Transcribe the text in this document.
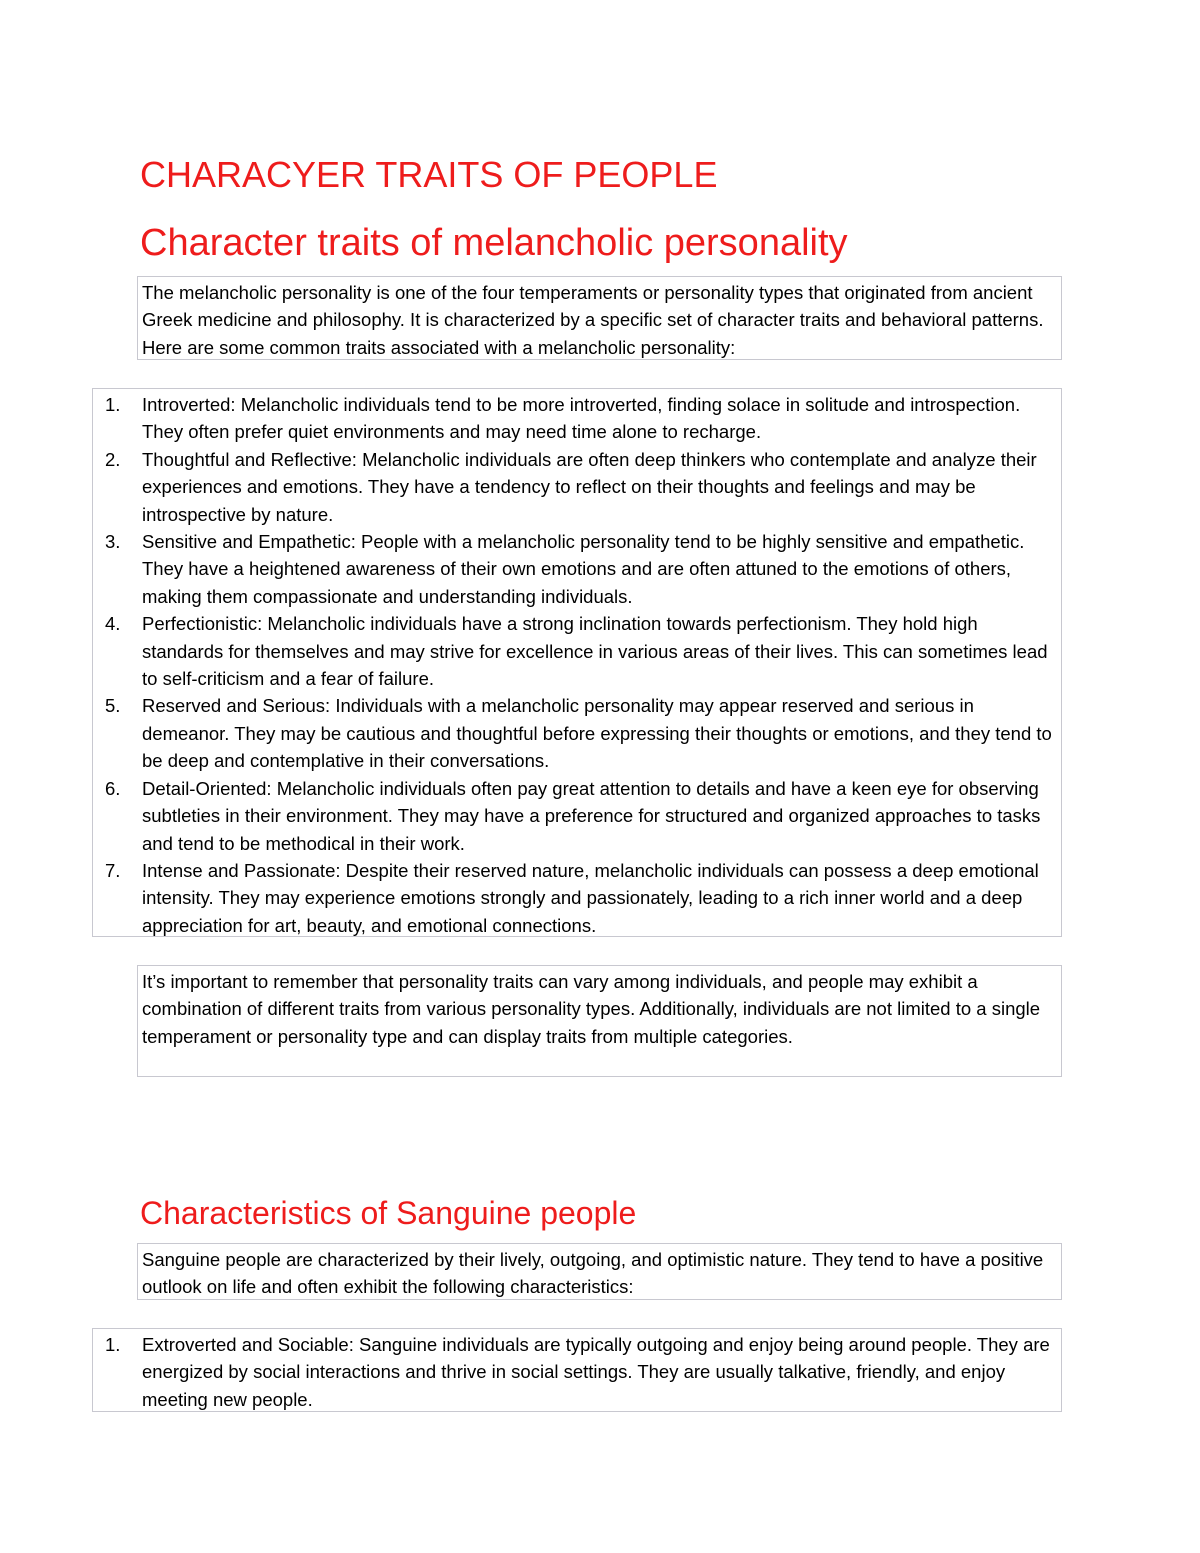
CHARACYER TRAITS OF PEOPLE
Character traits of melancholic personality

The melancholic personality is one of the four temperaments or personality types that originated from ancient Greek medicine and philosophy. It is characterized by a specific set of character traits and behavioral patterns. Here are some common traits associated with a melancholic personality:

1. Introverted: Melancholic individuals tend to be more introverted, finding solace in solitude and introspection. They often prefer quiet environments and may need time alone to recharge.
2. Thoughtful and Reflective: Melancholic individuals are often deep thinkers who contemplate and analyze their experiences and emotions. They have a tendency to reflect on their thoughts and feelings and may be introspective by nature.
3. Sensitive and Empathetic: People with a melancholic personality tend to be highly sensitive and empathetic. They have a heightened awareness of their own emotions and are often attuned to the emotions of others, making them compassionate and understanding individuals.
4. Perfectionistic: Melancholic individuals have a strong inclination towards perfectionism. They hold high standards for themselves and may strive for excellence in various areas of their lives. This can sometimes lead to self-criticism and a fear of failure.
5. Reserved and Serious: Individuals with a melancholic personality may appear reserved and serious in demeanor. They may be cautious and thoughtful before expressing their thoughts or emotions, and they tend to be deep and contemplative in their conversations.
6. Detail-Oriented: Melancholic individuals often pay great attention to details and have a keen eye for observing subtleties in their environment. They may have a preference for structured and organized approaches to tasks and tend to be methodical in their work.
7. Intense and Passionate: Despite their reserved nature, melancholic individuals can possess a deep emotional intensity. They may experience emotions strongly and passionately, leading to a rich inner world and a deep appreciation for art, beauty, and emotional connections.

It’s important to remember that personality traits can vary among individuals, and people may exhibit a combination of different traits from various personality types. Additionally, individuals are not limited to a single temperament or personality type and can display traits from multiple categories.

Characteristics of Sanguine people

Sanguine people are characterized by their lively, outgoing, and optimistic nature. They tend to have a positive outlook on life and often exhibit the following characteristics:

1. Extroverted and Sociable: Sanguine individuals are typically outgoing and enjoy being around people. They are energized by social interactions and thrive in social settings. They are usually talkative, friendly, and enjoy meeting new people.
